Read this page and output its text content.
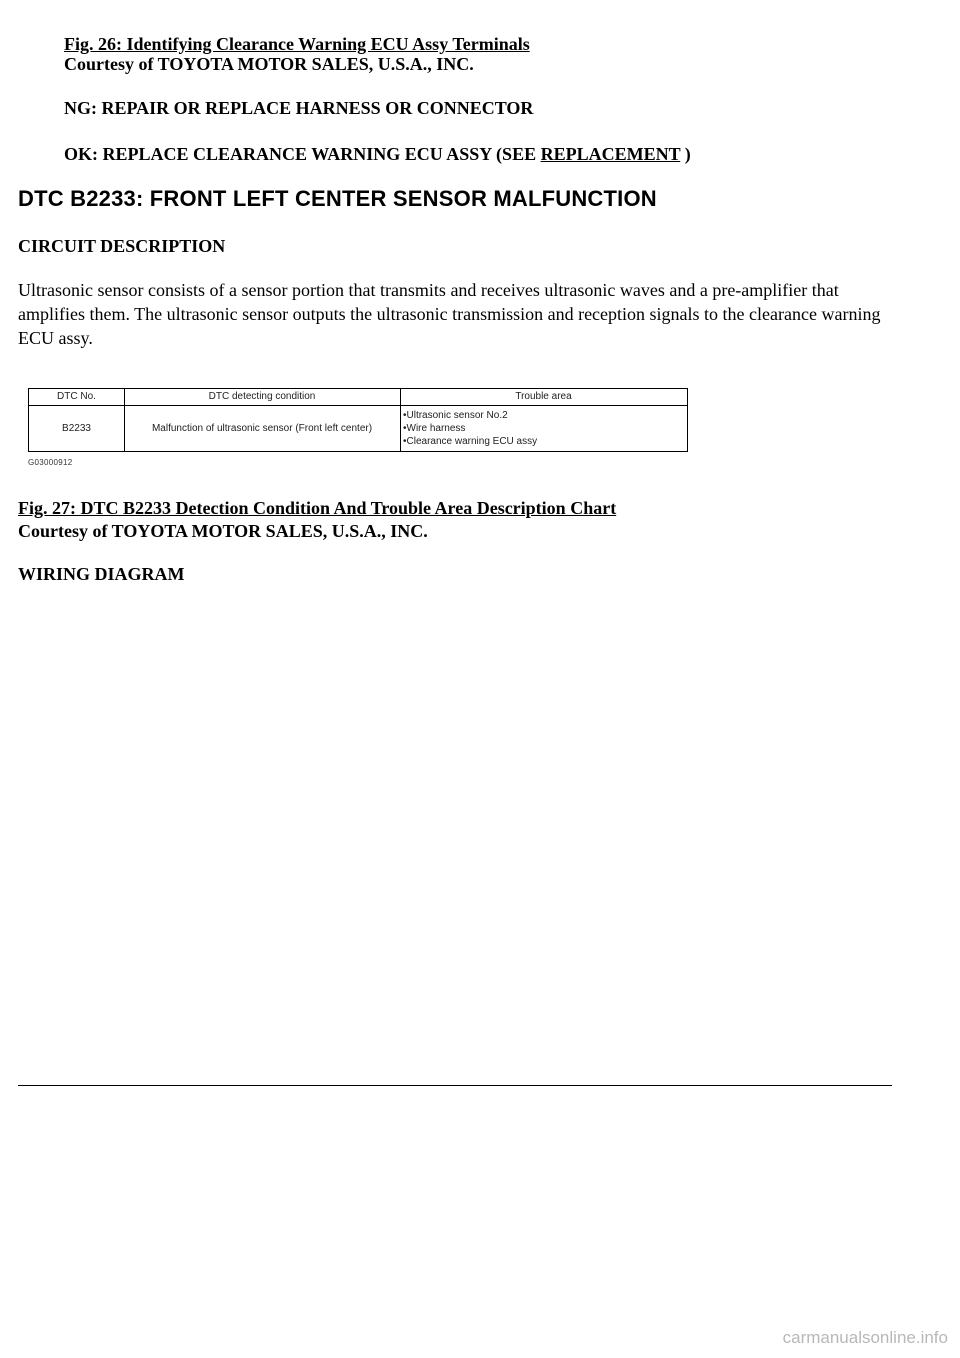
Fig. 26: Identifying Clearance Warning ECU Assy Terminals
Courtesy of TOYOTA MOTOR SALES, U.S.A., INC.
NG: REPAIR OR REPLACE HARNESS OR CONNECTOR
OK: REPLACE CLEARANCE WARNING ECU ASSY (SEE REPLACEMENT )
DTC B2233: FRONT LEFT CENTER SENSOR MALFUNCTION
CIRCUIT DESCRIPTION
Ultrasonic sensor consists of a sensor portion that transmits and receives ultrasonic waves and a pre-amplifier that amplifies them. The ultrasonic sensor outputs the ultrasonic transmission and reception signals to the clearance warning ECU assy.
DTC No.	DTC detecting condition	Trouble area
B2233	Malfunction of ultrasonic sensor (Front left center)
•Ultrasonic sensor No.2
•Wire harness
•Clearance warning ECU assy
G03000912
Fig. 27: DTC B2233 Detection Condition And Trouble Area Description Chart
Courtesy of TOYOTA MOTOR SALES, U.S.A., INC.
WIRING DIAGRAM
carmanualsonline.info
